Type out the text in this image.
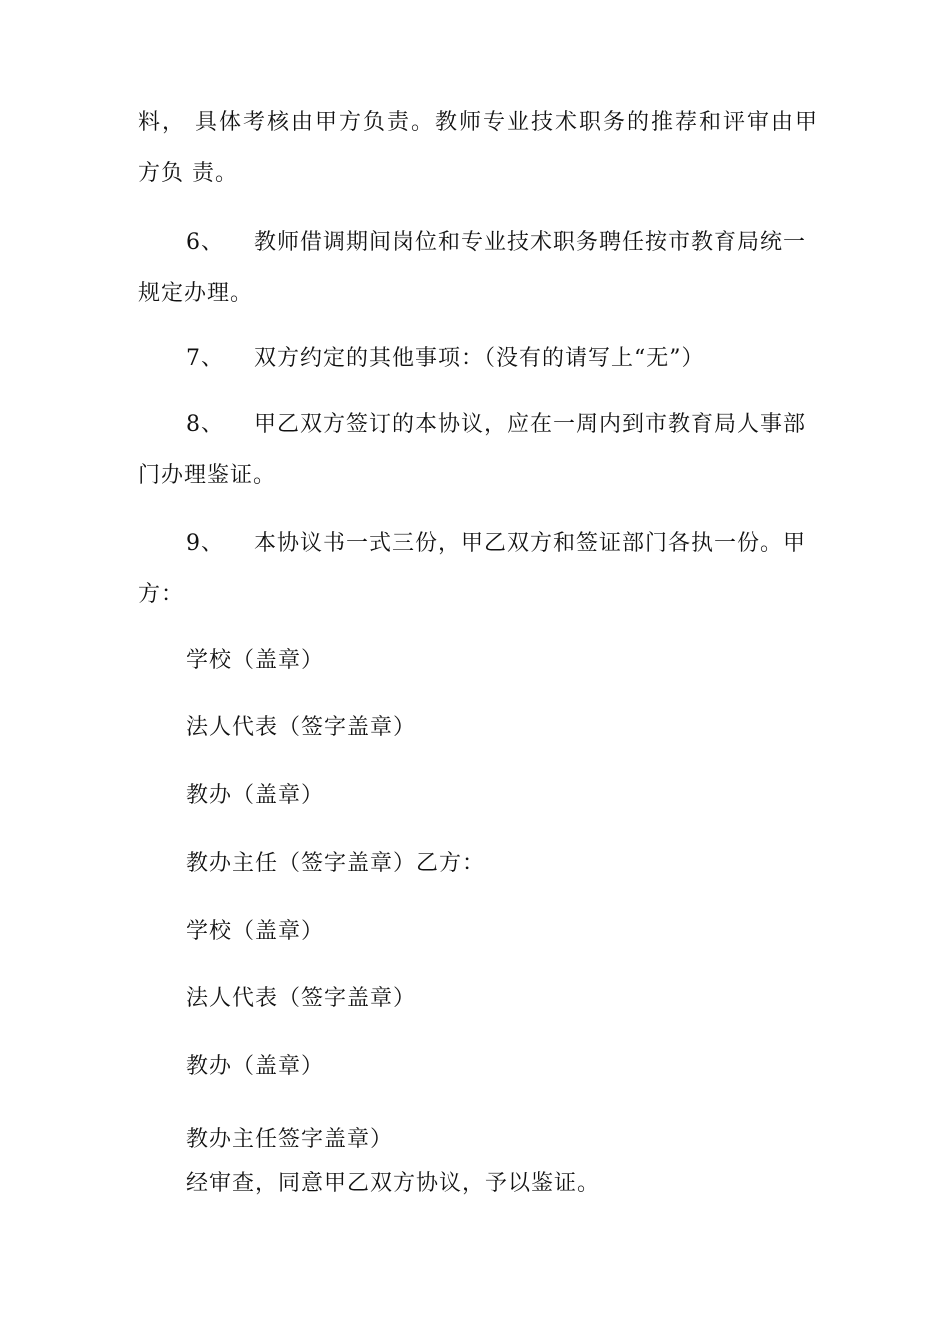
料， 具体考核由甲方负责。教师专业技术职务的推荐和评审由甲
方负 责。
6、 教师借调期间岗位和专业技术职务聘任按市教育局统一
规定办理。
7、 双方约定的其他事项：（没有的请写上“无”）
8、 甲乙双方签订的本协议，应在一周内到市教育局人事部
门办理鉴证。
9、 本协议书一式三份，甲乙双方和签证部门各执一份。甲
方：
学校（盖章）
法人代表（签字盖章）
教办（盖章）
教办主任（签字盖章）乙方：
学校（盖章）
法人代表（签字盖章）
教办（盖章）
教办主任签字盖章）
经审查，同意甲乙双方协议，予以鉴证。
